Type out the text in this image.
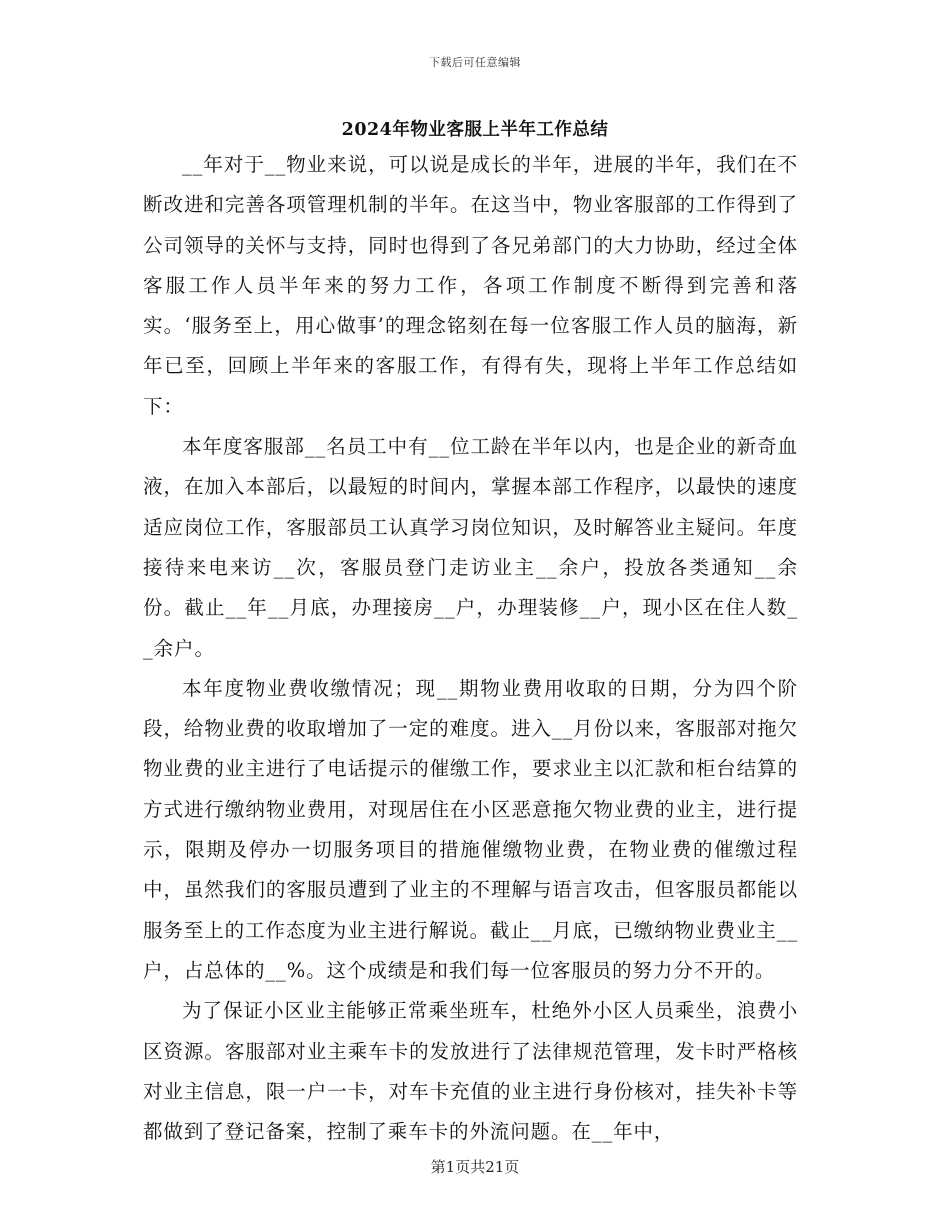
下载后可任意编辑
2024年物业客服上半年工作总结

__年对于__物业来说，可以说是成长的半年，进展的半年，我们在不断改进和完善各项管理机制的半年。在这当中，物业客服部的工作得到了公司领导的关怀与支持，同时也得到了各兄弟部门的大力协助，经过全体客服工作人员半年来的努力工作，各项工作制度不断得到完善和落实。‘服务至上，用心做事’的理念铭刻在每一位客服工作人员的脑海，新年已至，回顾上半年来的客服工作，有得有失，现将上半年工作总结如下：

本年度客服部__名员工中有__位工龄在半年以内，也是企业的新奇血液，在加入本部后，以最短的时间内，掌握本部工作程序，以最快的速度适应岗位工作，客服部员工认真学习岗位知识，及时解答业主疑问。年度接待来电来访__次，客服员登门走访业主__余户，投放各类通知__余份。截止__年__月底，办理接房__户，办理装修__户，现小区在住人数__余户。

本年度物业费收缴情况；现__期物业费用收取的日期，分为四个阶段，给物业费的收取增加了一定的难度。进入__月份以来，客服部对拖欠物业费的业主进行了电话提示的催缴工作，要求业主以汇款和柜台结算的方式进行缴纳物业费用，对现居住在小区恶意拖欠物业费的业主，进行提示，限期及停办一切服务项目的措施催缴物业费，在物业费的催缴过程中，虽然我们的客服员遭到了业主的不理解与语言攻击，但客服员都能以服务至上的工作态度为业主进行解说。截止__月底，已缴纳物业费业主__户，占总体的__%。这个成绩是和我们每一位客服员的努力分不开的。

为了保证小区业主能够正常乘坐班车，杜绝外小区人员乘坐，浪费小区资源。客服部对业主乘车卡的发放进行了法律规范管理，发卡时严格核对业主信息，限一户一卡，对车卡充值的业主进行身份核对，挂失补卡等都做到了登记备案，控制了乘车卡的外流问题。在__年中，

第1页共21页
